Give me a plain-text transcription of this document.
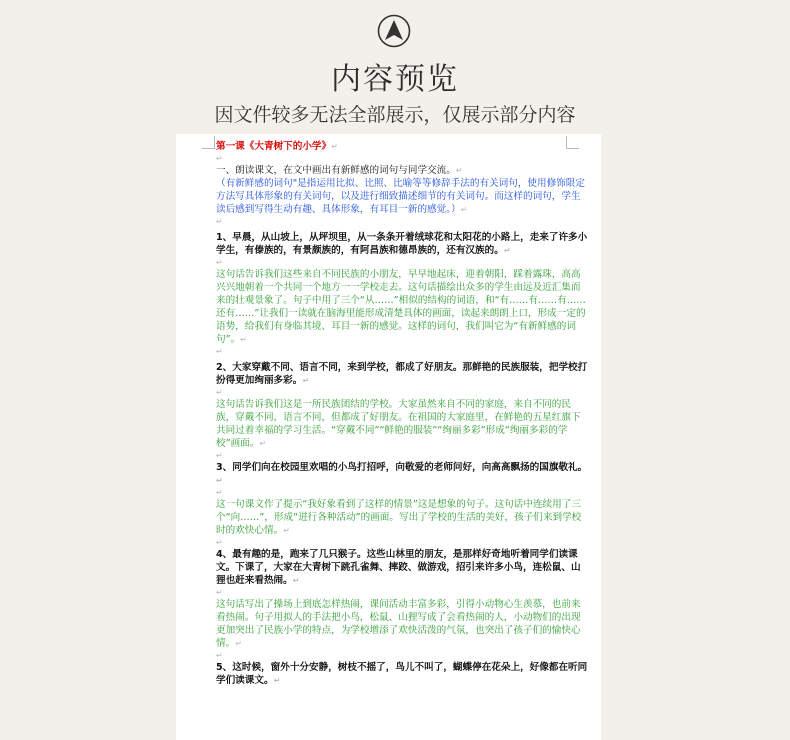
内容预览
因文件较多无法全部展示，仅展示部分内容

第一课《大青树下的小学》↵

↵

一、朗读课文，在文中画出有新鲜感的词句与同学交流。↵

（有新鲜感的词句"是指运用比拟、比照、比喻等等修辞手法的有关词句，使用修饰限定方法写具体形象的有关词句，以及进行细致描述细节的有关词句。而这样的词句，学生读后感到写得生动有趣、具体形象，有耳目一新的感觉。）↵

↵

1、早晨，从山坡上，从坪坝里，从一条条开着绒球花和太阳花的小路上，走来了许多小学生，有傣族的，有景颇族的，有阿昌族和德昂族的，还有汉族的。↵

↵

这句话告诉我们这些来自不同民族的小朋友，早早地起床，迎着朝阳，踩着露珠，高高兴兴地朝着一个共同一个地方一一学校走去。这句话描绘出众多的学生由远及近汇集而来的壮观景象了。句子中用了三个“从……”相似的结构的词语，和“有……有……有……还有……”让我们一读就在脑海里能形成清楚具体的画面，读起来朗朗上口，形成一定的语势，给我们有身临其境、耳目一新的感觉。这样的词句，我们叫它为“有新鲜感的词句”。↵

↵

2、大家穿戴不同、语言不同，来到学校，都成了好朋友。那鲜艳的民族服装，把学校打扮得更加绚丽多彩。↵

↵

这句话告诉我们这是一所民族团结的学校。大家虽然来自不同的家庭，来自不同的民族，穿戴不同，语言不同，但都成了好朋友。在祖国的大家庭里，在鲜艳的五星红旗下共同过着幸福的学习生活。“穿戴不同”“鲜艳的服装”“绚丽多彩”形成“绚丽多彩的学校”画面。↵

↵

3、同学们向在校园里欢唱的小鸟打招呼，向敬爱的老师问好，向高高飘扬的国旗敬礼。↵

↵

这一句课文作了提示“我好象看到了这样的情景”这是想象的句子。这句话中连续用了三个“向……”，形成“进行各种活动”的画面。写出了学校的生活的美好，孩子们来到学校时的欢快心情。↵

↵

4、最有趣的是，跑来了几只猴子。这些山林里的朋友，是那样好奇地听着同学们读课文。下课了，大家在大青树下跳孔雀舞、摔跤、做游戏，招引来许多小鸟，连松鼠、山狸也赶来看热闹。↵

↵

这句话写出了操场上到底怎样热闹，课间活动丰富多彩，引得小动物心生羡慕，也前来看热闹。句子用拟人的手法把小鸟，松鼠、山狸写成了会看热闹的人，小动物们的出现更加突出了民族小学的特点，为学校增添了欢快活泼的气氛，也突出了孩子们的愉快心情。↵

↵

5、这时候，窗外十分安静，树枝不摇了，鸟儿不叫了，蝴蝶停在花朵上，好像都在听同学们读课文。↵
